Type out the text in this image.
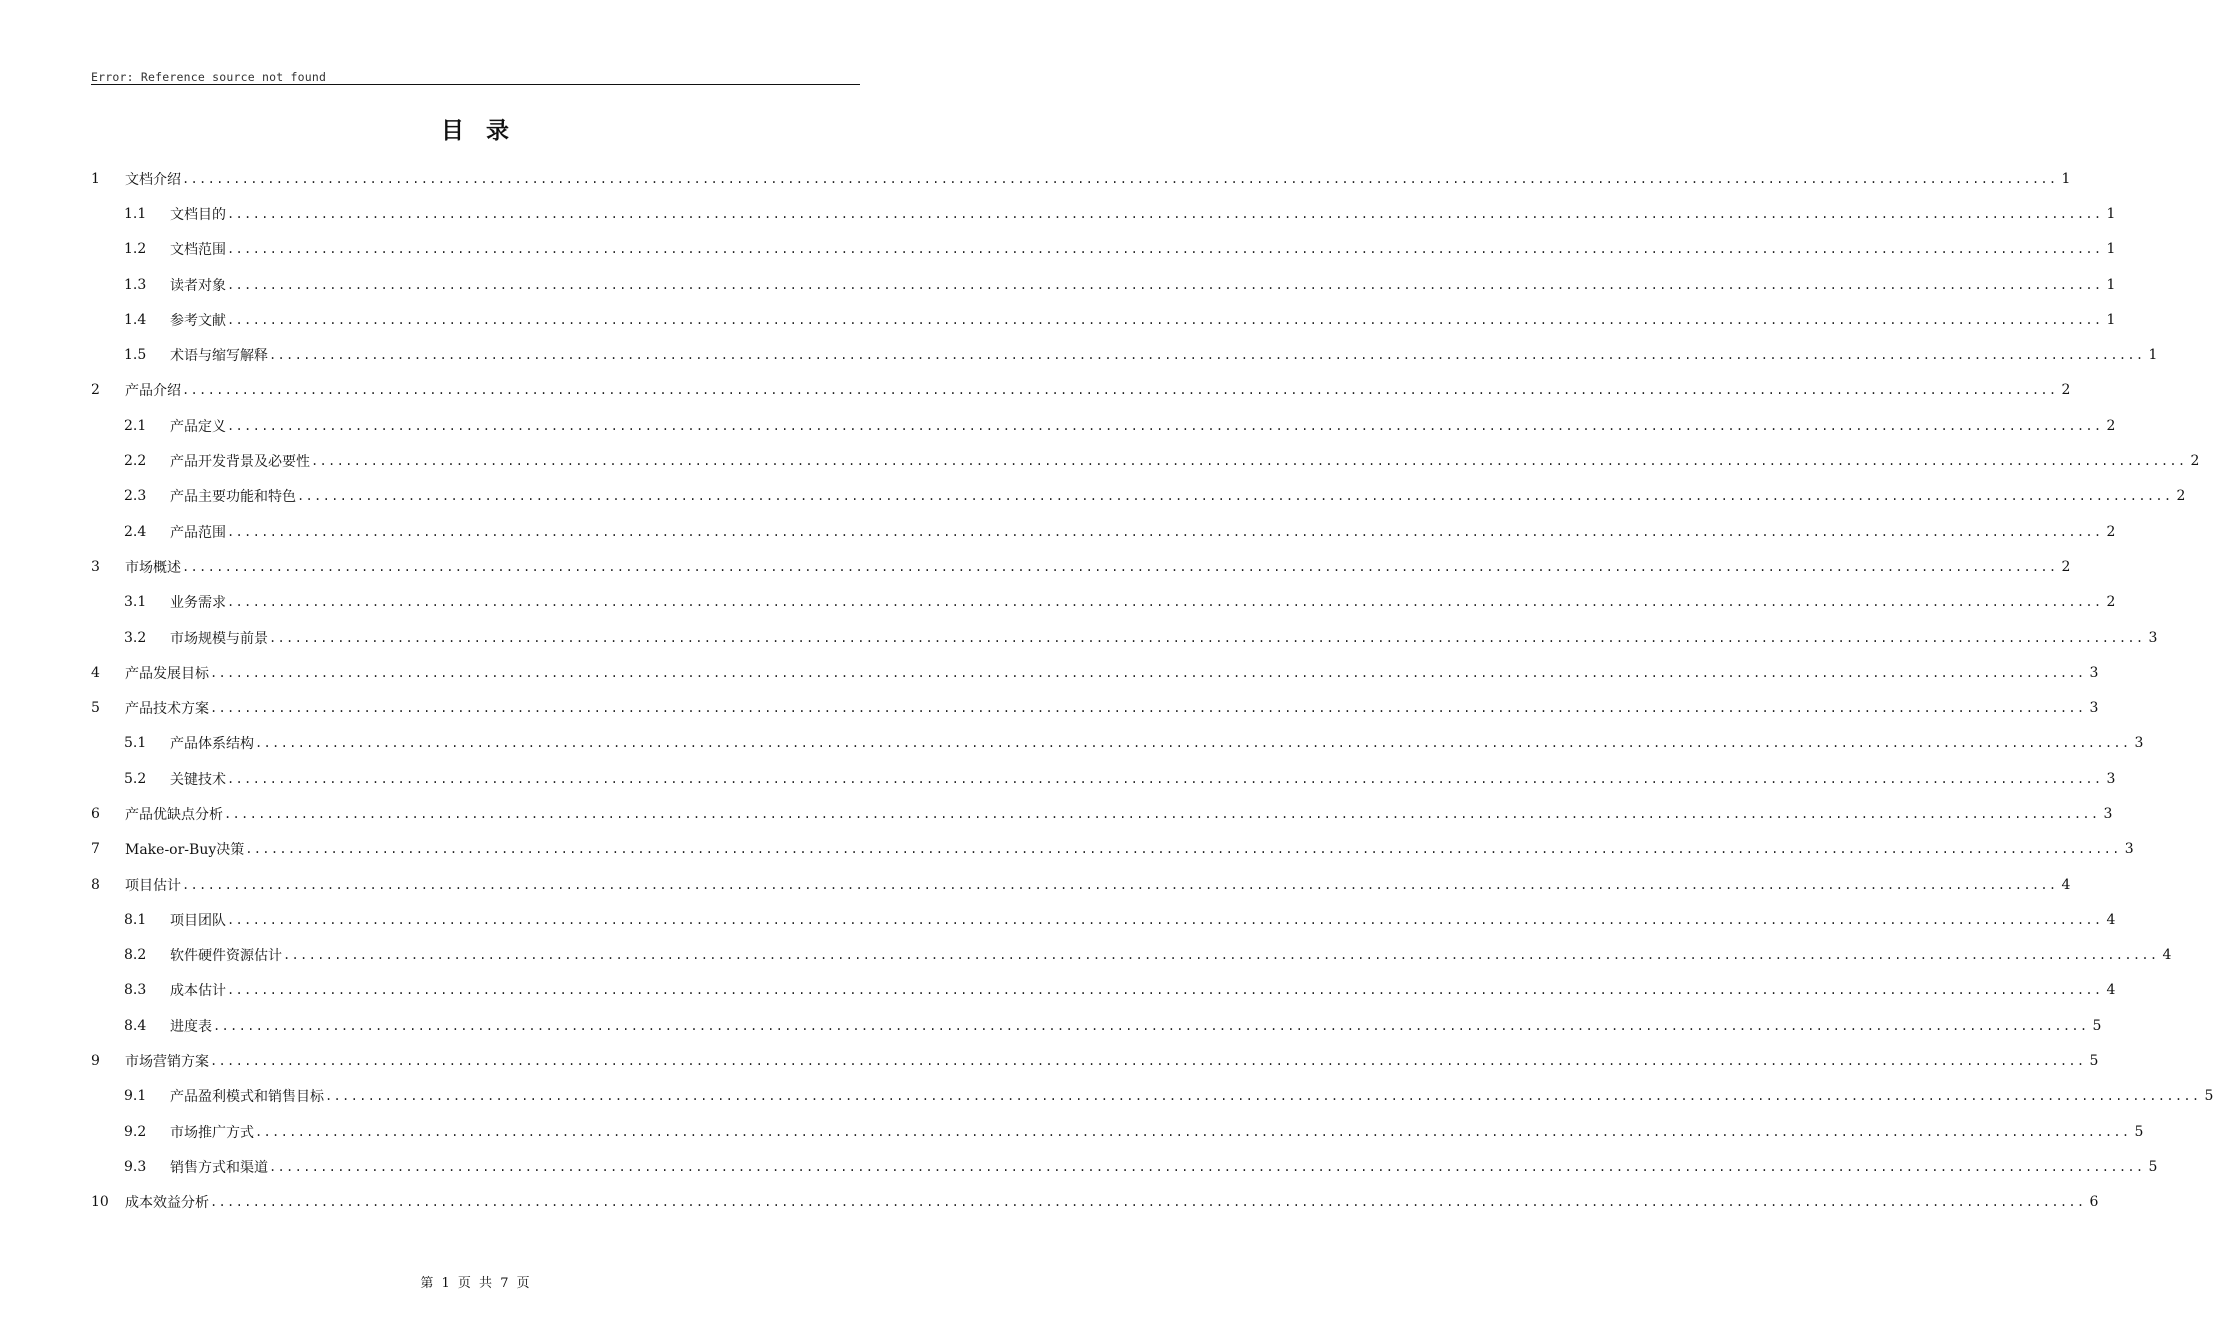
Error: Reference source not found
目录
1	文档介绍 ............................................................................................................................................................................................................................ 1
1.1	文档目的 ............................................................................................................................................................................................................................ 1
1.2	文档范围 ............................................................................................................................................................................................................................ 1
1.3	读者对象 ............................................................................................................................................................................................................................ 1
1.4	参考文献 ............................................................................................................................................................................................................................ 1
1.5	术语与缩写解释 ............................................................................................................................................................................................................................ 1
2	产品介绍 ............................................................................................................................................................................................................................ 2
2.1	产品定义 ............................................................................................................................................................................................................................ 2
2.2	产品开发背景及必要性 ............................................................................................................................................................................................................................ 2
2.3	产品主要功能和特色 ............................................................................................................................................................................................................................ 2
2.4	产品范围 ............................................................................................................................................................................................................................ 2
3	市场概述 ............................................................................................................................................................................................................................ 2
3.1	业务需求 ............................................................................................................................................................................................................................ 2
3.2	市场规模与前景 ............................................................................................................................................................................................................................ 3
4	产品发展目标 ............................................................................................................................................................................................................................ 3
5	产品技术方案 ............................................................................................................................................................................................................................ 3
5.1	产品体系结构 ............................................................................................................................................................................................................................ 3
5.2	关键技术 ............................................................................................................................................................................................................................ 3
6	产品优缺点分析 ............................................................................................................................................................................................................................ 3
7	Make-or-Buy决策 ............................................................................................................................................................................................................................ 3
8	项目估计 ............................................................................................................................................................................................................................ 4
8.1	项目团队 ............................................................................................................................................................................................................................ 4
8.2	软件硬件资源估计 ............................................................................................................................................................................................................................ 4
8.3	成本估计 ............................................................................................................................................................................................................................ 4
8.4	进度表 ............................................................................................................................................................................................................................ 5
9	市场营销方案 ............................................................................................................................................................................................................................ 5
9.1	产品盈利模式和销售目标 ............................................................................................................................................................................................................................ 5
9.2	市场推广方式 ............................................................................................................................................................................................................................ 5
9.3	销售方式和渠道 ............................................................................................................................................................................................................................ 5
10	成本效益分析 ............................................................................................................................................................................................................................ 6
第 1 页 共 7 页
